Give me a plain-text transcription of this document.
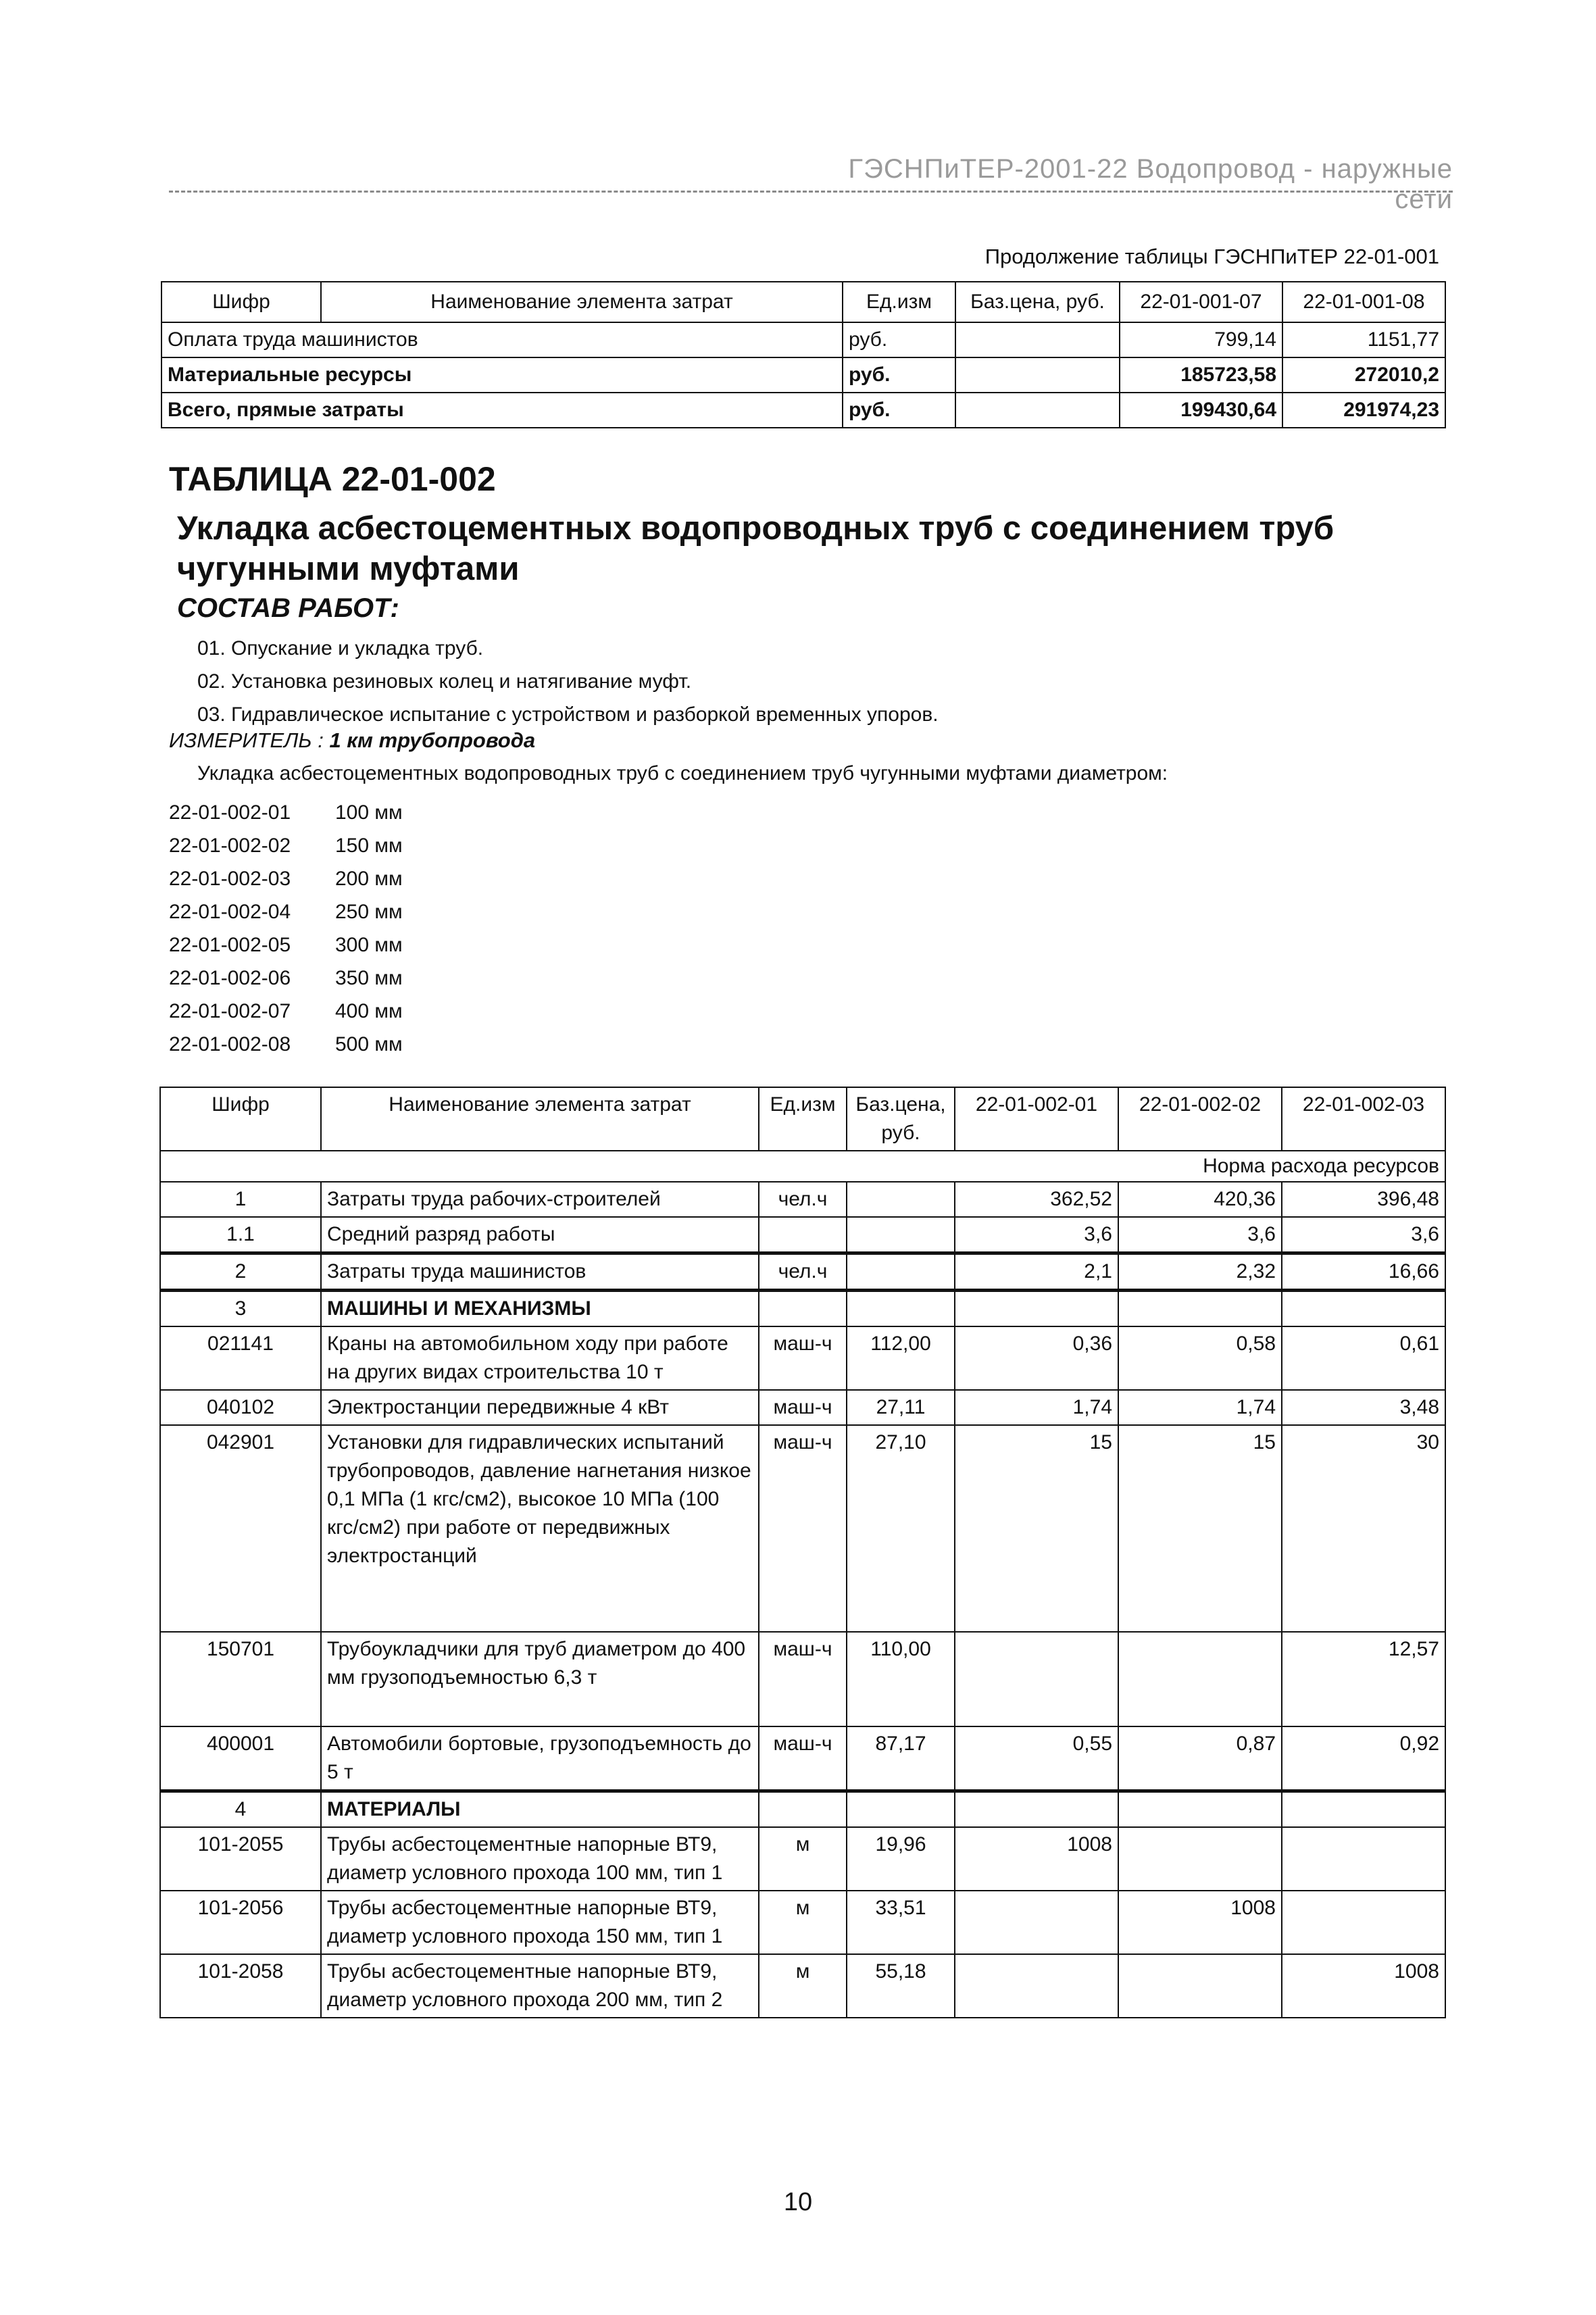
ГЭСНПиТЕР-2001-22 Водопровод - наружные сети
Продолжение таблицы ГЭСНПиТЕР 22-01-001
Шифр	Наименование элемента затрат	Ед.изм	Баз.цена, руб.	22-01-001-07	22-01-001-08
Оплата труда машинистов		руб.		799,14	1151,77
Материальные ресурсы		руб.		185723,58	272010,2
Всего, прямые затраты		руб.		199430,64	291974,23
ТАБЛИЦА 22-01-002
Укладка асбестоцементных водопроводных труб с соединением труб чугунными муфтами
СОСТАВ РАБОТ:
01. Опускание и укладка труб.
02. Установка резиновых колец и натягивание муфт.
03. Гидравлическое испытание с устройством и разборкой временных упоров.
ИЗМЕРИТЕЛЬ : 1 км трубопровода
Укладка асбестоцементных водопроводных труб с соединением труб чугунными муфтами диаметром:
22-01-002-01 100 мм
22-01-002-02 150 мм
22-01-002-03 200 мм
22-01-002-04 250 мм
22-01-002-05 300 мм
22-01-002-06 350 мм
22-01-002-07 400 мм
22-01-002-08 500 мм
Шифр	Наименование элемента затрат	Ед.изм	Баз.цена, руб.	22-01-002-01	22-01-002-02	22-01-002-03
Норма расхода ресурсов						
1	Затраты труда рабочих-строителей	чел.ч		362,52	420,36	396,48
1.1	Средний разряд работы			3,6	3,6	3,6
2	Затраты труда машинистов	чел.ч		2,1	2,32	16,66
3	МАШИНЫ И МЕХАНИЗМЫ					
021141	Краны на автомобильном ходу при работе на других видах строительства 10 т	маш-ч	112,00	0,36	0,58	0,61
040102	Электростанции передвижные 4 кВт	маш-ч	27,11	1,74	1,74	3,48
042901	Установки для гидравлических испытаний трубопроводов, давление нагнетания низкое 0,1 МПа (1 кгс/см2), высокое 10 МПа (100 кгс/см2) при работе от передвижных электростанций	маш-ч	27,10	15	15	30
150701	Трубоукладчики для труб диаметром до 400 мм грузоподъемностью 6,3 т	маш-ч	110,00			12,57
400001	Автомобили бортовые, грузоподъемность до 5 т	маш-ч	87,17	0,55	0,87	0,92
4	МАТЕРИАЛЫ					
101-2055	Трубы асбестоцементные напорные ВТ9, диаметр условного прохода 100 мм, тип 1	м	19,96	1008		
101-2056	Трубы асбестоцементные напорные ВТ9, диаметр условного прохода 150 мм, тип 1	м	33,51		1008	
101-2058	Трубы асбестоцементные напорные ВТ9, диаметр условного прохода 200 мм, тип 2	м	55,18			1008
10
